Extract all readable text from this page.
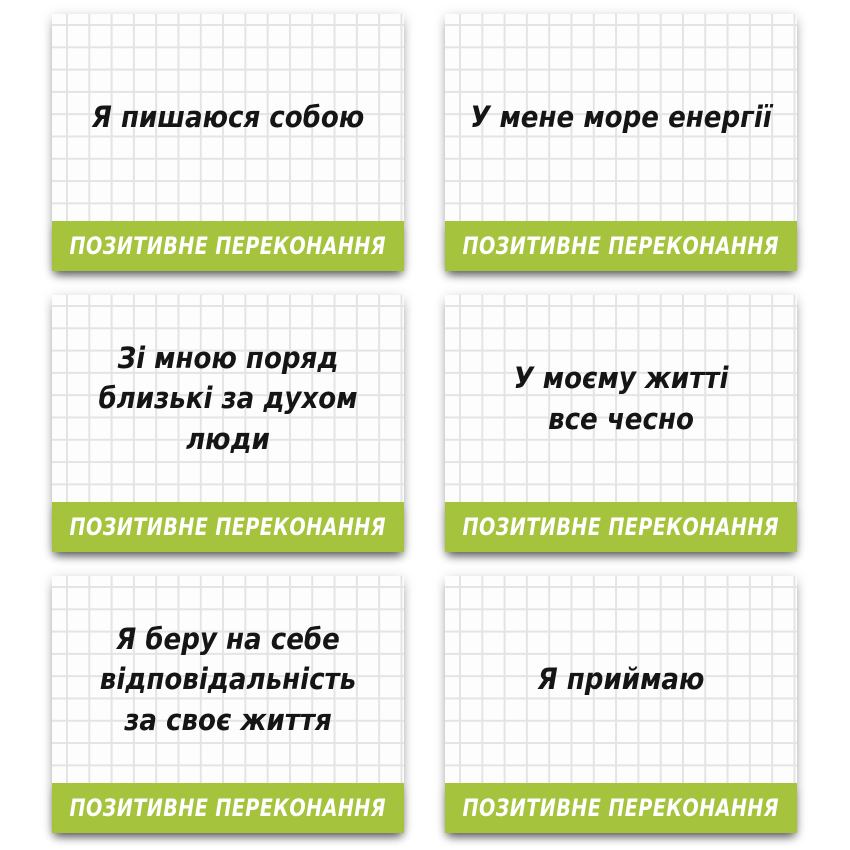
Я пишаюся собою
ПОЗИТИВНЕ ПЕРЕКОНАННЯ
У мене море енергії
ПОЗИТИВНЕ ПЕРЕКОНАННЯ
Зі мною поряд
близькі за духом люди
ПОЗИТИВНЕ ПЕРЕКОНАННЯ
У моєму житті
все чесно
ПОЗИТИВНЕ ПЕРЕКОНАННЯ
Я беру на себе
відповідальність
за своє життя
ПОЗИТИВНЕ ПЕРЕКОНАННЯ
Я приймаю
ПОЗИТИВНЕ ПЕРЕКОНАННЯ
